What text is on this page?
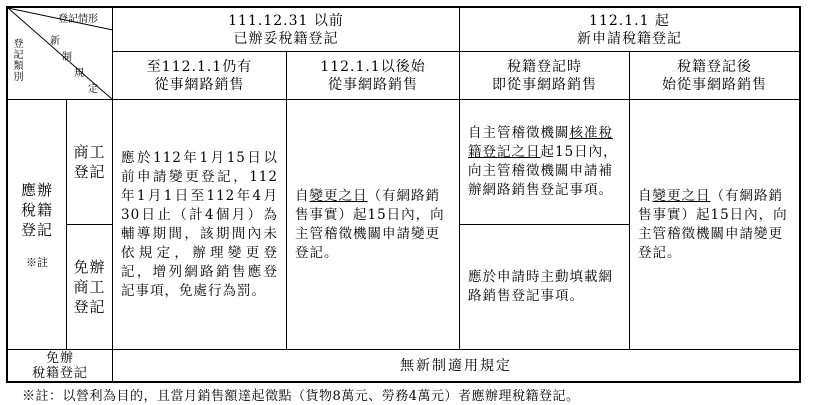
登記情形
新
制
規
定
登記類別
111.12.31 以前
已辦妥稅籍登記
112.1.1 起
新申請稅籍登記
至112.1.1仍有
從事網路銷售
112.1.1以後始
從事網路銷售
稅籍登記時
即從事網路銷售
稅籍登記後
始從事網路銷售
應辦
稅籍
登記
※註
商工
登記
免辦
商工
登記
應於112年1月15日以前申請變更登記，112年1月1日至112年4月30日止（計4個月）為輔導期間，該期間內未依規定，辦理變更登記，增列網路銷售應登記事項，免處行為罰。
自變更之日（有網路銷售事實）起15日內，向主管稽徵機關申請變更登記。
自主管稽徵機關核准稅籍登記之日起15日內，向主管稽徵機關申請補辦網路銷售登記事項。
應於申請時主動填載網路銷售登記事項。
自變更之日（有網路銷售事實）起15日內，向主管稽徵機關申請變更登記。
免辦
稅籍登記	無新制適用規定
※註：以營利為目的，且當月銷售額達起徵點（貨物8萬元、勞務4萬元）者應辦理稅籍登記。
